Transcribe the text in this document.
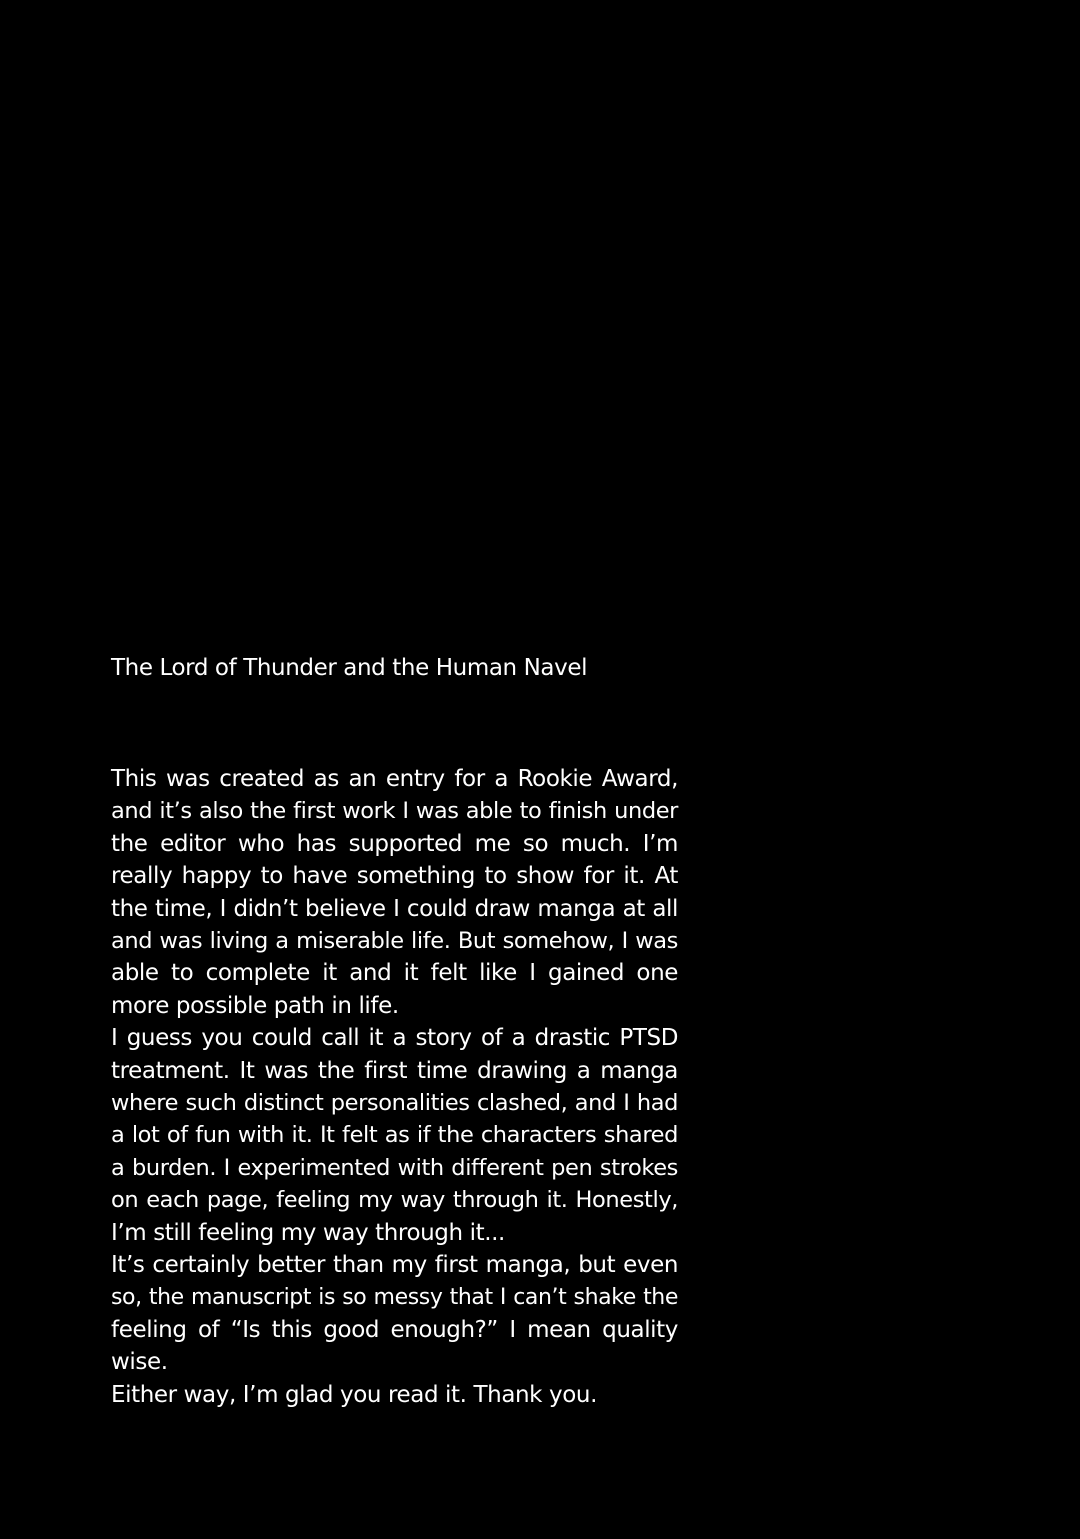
The Lord of Thunder and the Human Navel
This was created as an entry for a Rookie Award,
and it’s also the first work I was able to finish under
the editor who has supported me so much. I’m
really happy to have something to show for it. At
the time, I didn’t believe I could draw manga at all
and was living a miserable life. But somehow, I was
able to complete it and it felt like I gained one
more possible path in life.
I guess you could call it a story of a drastic PTSD
treatment. It was the first time drawing a manga
where such distinct personalities clashed, and I had
a lot of fun with it. It felt as if the characters shared
a burden. I experimented with different pen strokes
on each page, feeling my way through it. Honestly,
I’m still feeling my way through it...
It’s certainly better than my first manga, but even
so, the manuscript is so messy that I can’t shake the
feeling of “Is this good enough?” I mean quality
wise.
Either way, I’m glad you read it. Thank you.
